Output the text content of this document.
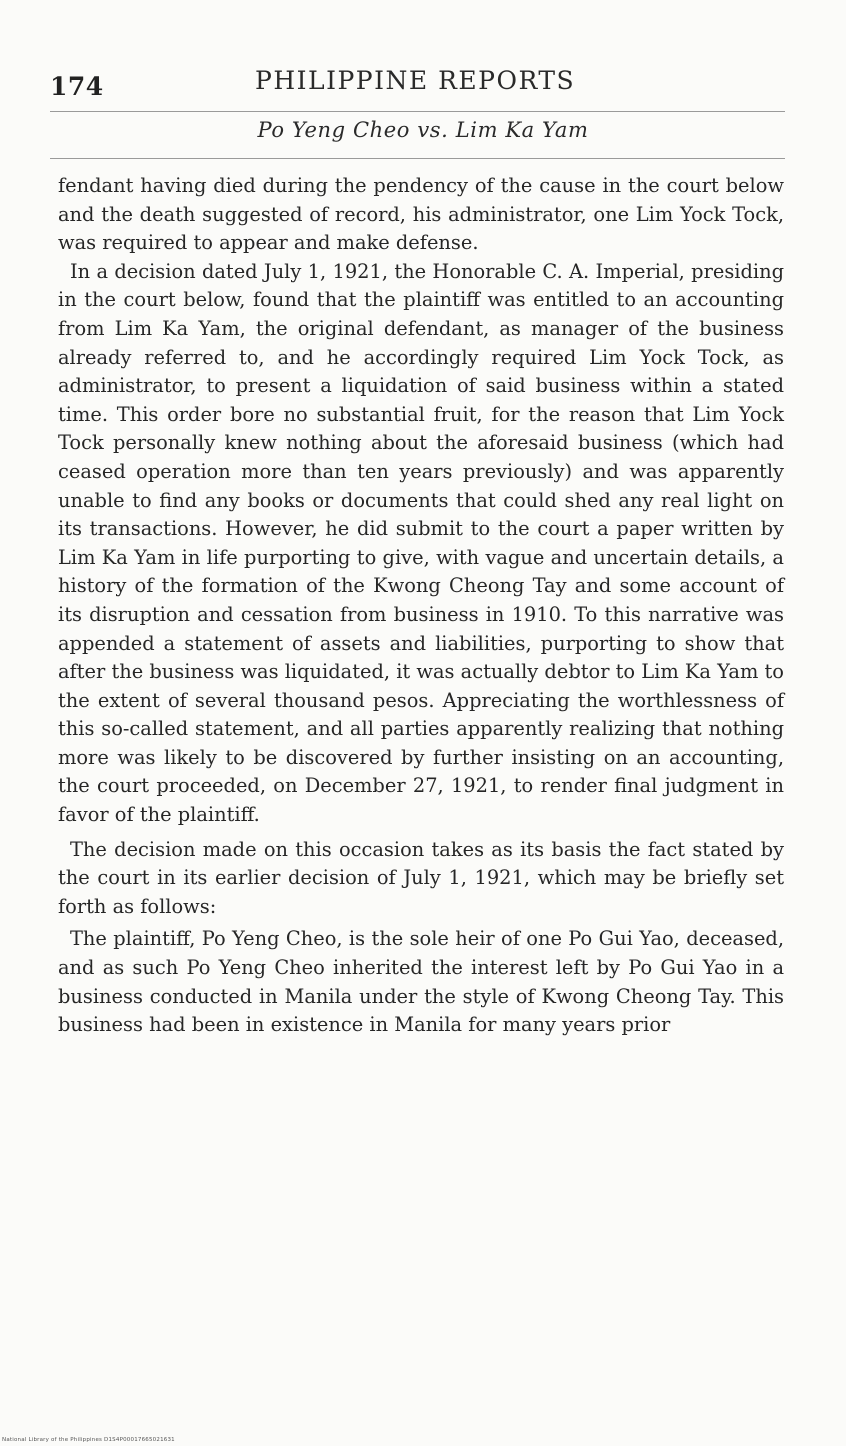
174	PHILIPPINE REPORTS
Po Yeng Cheo vs. Lim Ka Yam

fendant having died during the pendency of the cause in the court below and the death suggested of record, his administrator, one Lim Yock Tock, was required to appear and make defense.

In a decision dated July 1, 1921, the Honorable C. A. Imperial, presiding in the court below, found that the plaintiff was entitled to an accounting from Lim Ka Yam, the original defendant, as manager of the business already referred to, and he accordingly required Lim Yock Tock, as administrator, to present a liquidation of said business within a stated time. This order bore no substantial fruit, for the reason that Lim Yock Tock personally knew nothing about the aforesaid business (which had ceased operation more than ten years previously) and was apparently unable to find any books or documents that could shed any real light on its transactions. However, he did submit to the court a paper written by Lim Ka Yam in life purporting to give, with vague and uncertain details, a history of the formation of the Kwong Cheong Tay and some account of its disruption and cessation from business in 1910. To this narrative was appended a statement of assets and liabilities, purporting to show that after the business was liquidated, it was actually debtor to Lim Ka Yam to the extent of several thousand pesos. Appreciating the worthlessness of this so-called statement, and all parties apparently realizing that nothing more was likely to be discovered by further insisting on an accounting, the court proceeded, on December 27, 1921, to render final judgment in favor of the plaintiff.

The decision made on this occasion takes as its basis the fact stated by the court in its earlier decision of July 1, 1921, which may be briefly set forth as follows:

The plaintiff, Po Yeng Cheo, is the sole heir of one Po Gui Yao, deceased, and as such Po Yeng Cheo inherited the interest left by Po Gui Yao in a business conducted in Manila under the style of Kwong Cheong Tay. This business had been in existence in Manila for many years prior

National Library of the Philippines D1S4P00017665021631
